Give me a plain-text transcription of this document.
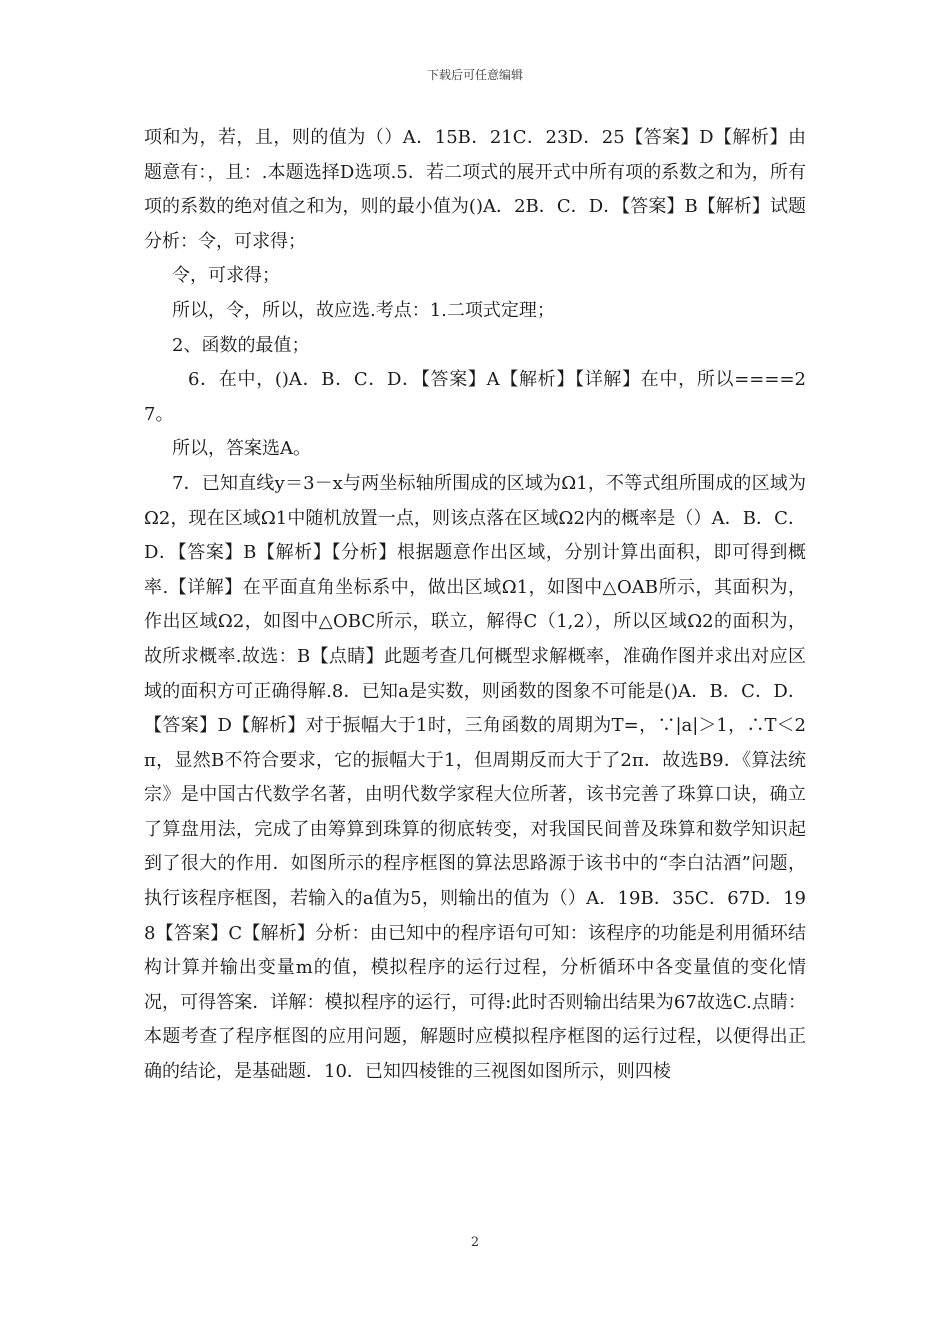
下载后可任意编辑

项和为，若，且，则的值为（）A．15B．21C．23D．25【答案】D【解析】由题意有：，且：.本题选择D选项.5．若二项式的展开式中所有项的系数之和为，所有项的系数的绝对值之和为，则的最小值为()A．2B．C．D．【答案】B【解析】试题分析：令，可求得；

令，可求得；

所以，令，所以，故应选.考点：1.二项式定理；

2、函数的最值；

6．在中，()A．B．C．D．【答案】A【解析】【详解】在中，所以====27。

所以，答案选A。

7．已知直线y＝3－x与两坐标轴所围成的区域为Ω1，不等式组所围成的区域为Ω2，现在区域Ω1中随机放置一点，则该点落在区域Ω2内的概率是（）A．B．C．D．【答案】B【解析】【分析】根据题意作出区域，分别计算出面积，即可得到概率.【详解】在平面直角坐标系中，做出区域Ω1，如图中△OAB所示，其面积为，作出区域Ω2，如图中△OBC所示，联立，解得C（1,2），所以区域Ω2的面积为，故所求概率.故选：B【点睛】此题考查几何概型求解概率，准确作图并求出对应区域的面积方可正确得解.8．已知a是实数，则函数的图象不可能是()A．B．C．D．【答案】D【解析】对于振幅大于1时，三角函数的周期为T=，∵|a|＞1，∴T＜2π，显然B不符合要求，它的振幅大于1，但周期反而大于了2π．故选B9．《算法统宗》是中国古代数学名著，由明代数学家程大位所著，该书完善了珠算口诀，确立了算盘用法，完成了由筹算到珠算的彻底转变，对我国民间普及珠算和数学知识起到了很大的作用．如图所示的程序框图的算法思路源于该书中的“李白沽酒”问题，执行该程序框图，若输入的a值为5，则输出的值为（）A．19B．35C．67D．198【答案】C【解析】分析：由已知中的程序语句可知：该程序的功能是利用循环结构计算并输出变量m的值，模拟程序的运行过程，分析循环中各变量值的变化情况，可得答案．详解：模拟程序的运行，可得:此时否则输出结果为67故选C.点睛：本题考查了程序框图的应用问题，解题时应模拟程序框图的运行过程，以便得出正确的结论，是基础题．10．已知四棱锥的三视图如图所示，则四棱

2
